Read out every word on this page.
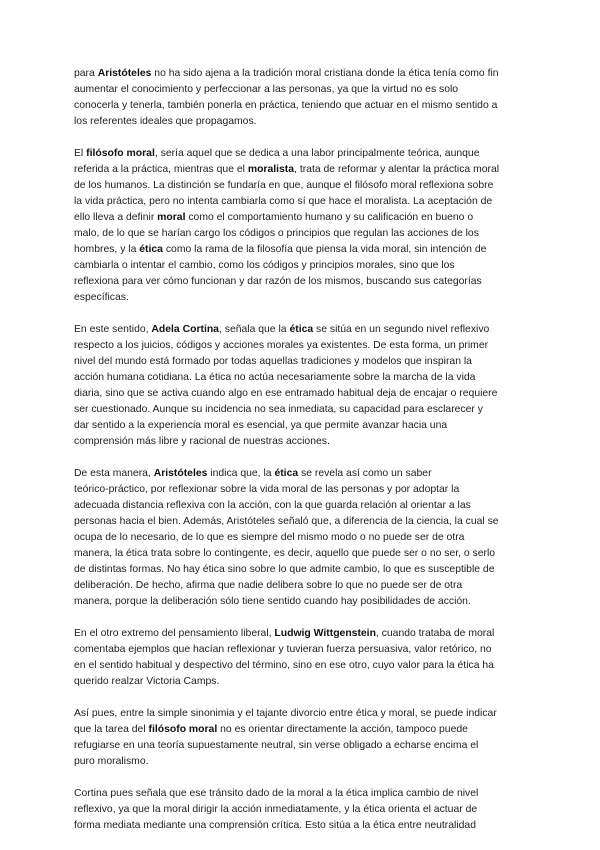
para Aristóteles no ha sido ajena a la tradición moral cristiana donde la ética tenía como fin
aumentar el conocimiento y perfeccionar a las personas, ya que la virtud no es solo
conocerla y tenerla, también ponerla en práctica, teniendo que actuar en el mismo sentido a
los referentes ideales que propagamos.

El filósofo moral, sería aquel que se dedica a una labor principalmente teórica, aunque
referida a la práctica, mientras que el moralista, trata de reformar y alentar la práctica moral
de los humanos. La distinción se fundaría en que, aunque el filósofo moral reflexiona sobre
la vida práctica, pero no intenta cambiarla como sí que hace el moralista. La aceptación de
ello lleva a definir moral como el comportamiento humano y su calificación en bueno o
malo, de lo que se harían cargo los códigos o principios que regulan las acciones de los
hombres, y la ética como la rama de la filosofía que piensa la vida moral, sin intención de
cambiarla o intentar el cambio, como los códigos y principios morales, sino que los
reflexiona para ver cómo funcionan y dar razón de los mismos, buscando sus categorías
específicas.

En este sentido, Adela Cortina, señala que la ética se sitúa en un segundo nivel reflexivo
respecto a los juicios, códigos y acciones morales ya existentes. De esta forma, un primer
nivel del mundo está formado por todas aquellas tradiciones y modelos que inspiran la
acción humana cotidiana. La ética no actúa necesariamente sobre la marcha de la vida
diaria, sino que se activa cuando algo en ese entramado habitual deja de encajar o requiere
ser cuestionado. Aunque su incidencia no sea inmediata, su capacidad para esclarecer y
dar sentido a la experiencia moral es esencial, ya que permite avanzar hacia una
comprensión más libre y racional de nuestras acciones.

De esta manera, Aristóteles indica que, la ética se revela así como un saber
teórico-práctico, por reflexionar sobre la vida moral de las personas y por adoptar la
adecuada distancia reflexiva con la acción, con la que guarda relación al orientar a las
personas hacia el bien. Además, Aristóteles señaló que, a diferencia de la ciencia, la cual se
ocupa de lo necesario, de lo que es siempre del mismo modo o no puede ser de otra
manera, la ética trata sobre lo contingente, es decir, aquello que puede ser o no ser, o serlo
de distintas formas. No hay ética sino sobre lo que admite cambio, lo que es susceptible de
deliberación. De hecho, afirma que nadie delibera sobre lo que no puede ser de otra
manera, porque la deliberación sólo tiene sentido cuando hay posibilidades de acción.

En el otro extremo del pensamiento liberal, Ludwig Wittgenstein, cuando trataba de moral
comentaba ejemplos que hacían reflexionar y tuvieran fuerza persuasiva, valor retórico, no
en el sentido habitual y despectivo del término, sino en ese otro, cuyo valor para la ética ha
querido realzar Victoria Camps.

Así pues, entre la simple sinonimia y el tajante divorcio entre ética y moral, se puede indicar
que la tarea del filósofo moral no es orientar directamente la acción, tampoco puede
refugiarse en una teoría supuestamente neutral, sin verse obligado a echarse encima el
puro moralismo.

Cortina pues señala que ese tránsito dado de la moral a la ética implica cambio de nivel
reflexivo, ya que la moral dirigir la acción inmediatamente, y la ética orienta el actuar de
forma mediata mediante una comprensión crítica. Esto sitúa a la ética entre neutralidad
